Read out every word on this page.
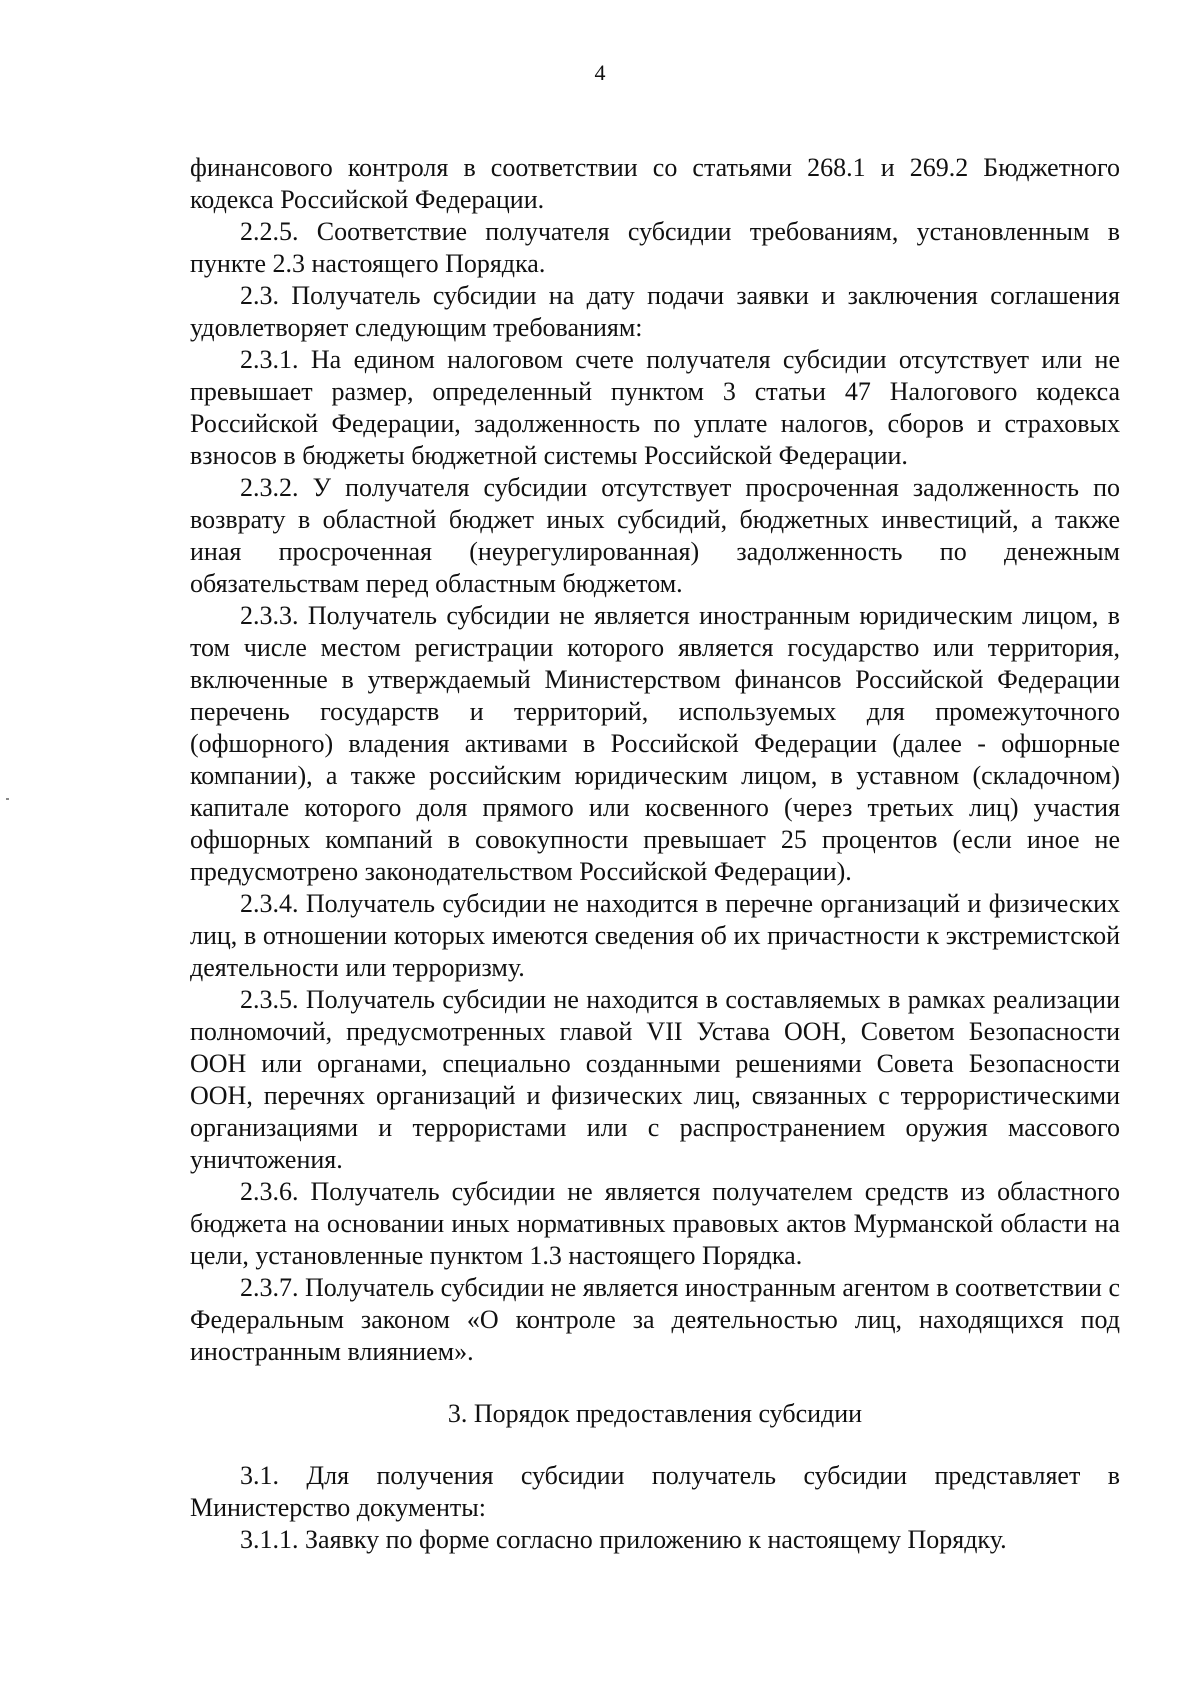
4

финансового контроля в соответствии со статьями 268.1 и 269.2 Бюджетного кодекса Российской Федерации.

2.2.5. Соответствие получателя субсидии требованиям, установленным в пункте 2.3 настоящего Порядка.

2.3. Получатель субсидии на дату подачи заявки и заключения соглашения удовлетворяет следующим требованиям:

2.3.1. На едином налоговом счете получателя субсидии отсутствует или не превышает размер, определенный пунктом 3 статьи 47 Налогового кодекса Российской Федерации, задолженность по уплате налогов, сборов и страховых взносов в бюджеты бюджетной системы Российской Федерации.

2.3.2. У получателя субсидии отсутствует просроченная задолженность по возврату в областной бюджет иных субсидий, бюджетных инвестиций, а также иная просроченная (неурегулированная) задолженность по денежным обязательствам перед областным бюджетом.

2.3.3. Получатель субсидии не является иностранным юридическим лицом, в том числе местом регистрации которого является государство или территория, включенные в утверждаемый Министерством финансов Российской Федерации перечень государств и территорий, используемых для промежуточного (офшорного) владения активами в Российской Федерации (далее - офшорные компании), а также российским юридическим лицом, в уставном (складочном) капитале которого доля прямого или косвенного (через третьих лиц) участия офшорных компаний в совокупности превышает 25 процентов (если иное не предусмотрено законодательством Российской Федерации).

2.3.4. Получатель субсидии не находится в перечне организаций и физических лиц, в отношении которых имеются сведения об их причастности к экстремистской деятельности или терроризму.

2.3.5. Получатель субсидии не находится в составляемых в рамках реализации полномочий, предусмотренных главой VII Устава ООН, Советом Безопасности ООН или органами, специально созданными решениями Совета Безопасности ООН, перечнях организаций и физических лиц, связанных с террористическими организациями и террористами или с распространением оружия массового уничтожения.

2.3.6. Получатель субсидии не является получателем средств из областного бюджета на основании иных нормативных правовых актов Мурманской области на цели, установленные пунктом 1.3 настоящего Порядка.

2.3.7. Получатель субсидии не является иностранным агентом в соответствии с Федеральным законом «О контроле за деятельностью лиц, находящихся под иностранным влиянием».

3. Порядок предоставления субсидии

3.1. Для получения субсидии получатель субсидии представляет в Министерство документы:

3.1.1. Заявку по форме согласно приложению к настоящему Порядку.
